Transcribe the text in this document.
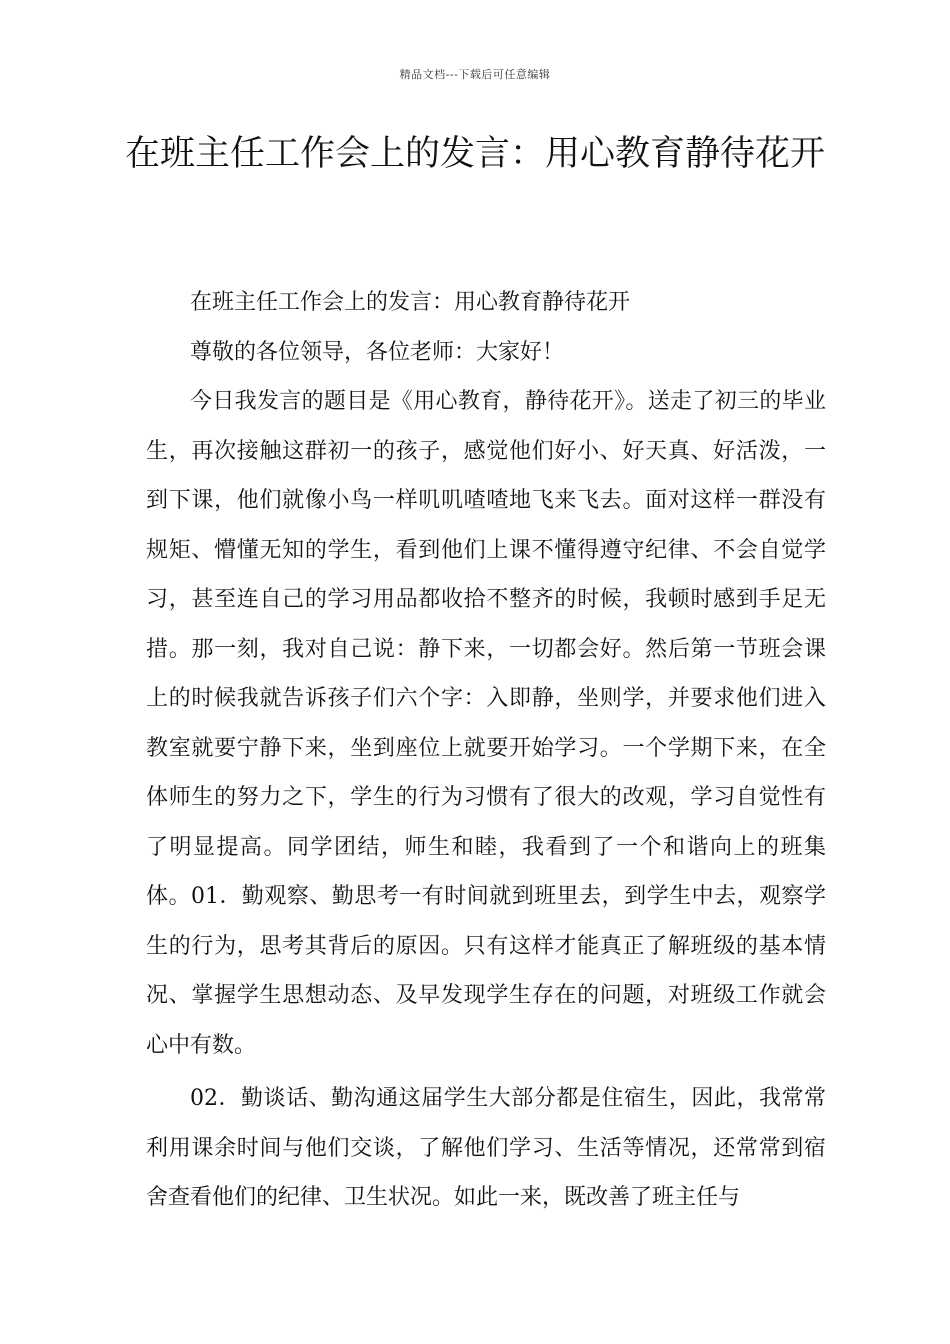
精品文档---下载后可任意编辑
在班主任工作会上的发言：用心教育静待花开

在班主任工作会上的发言：用心教育静待花开

尊敬的各位领导，各位老师：大家好！

今日我发言的题目是《用心教育，静待花开》。送走了初三的毕业生，再次接触这群初一的孩子，感觉他们好小、好天真、好活泼，一到下课，他们就像小鸟一样叽叽喳喳地飞来飞去。面对这样一群没有规矩、懵懂无知的学生，看到他们上课不懂得遵守纪律、不会自觉学习，甚至连自己的学习用品都收拾不整齐的时候，我顿时感到手足无措。那一刻，我对自己说：静下来，一切都会好。然后第一节班会课上的时候我就告诉孩子们六个字：入即静，坐则学，并要求他们进入教室就要宁静下来，坐到座位上就要开始学习。一个学期下来，在全体师生的努力之下，学生的行为习惯有了很大的改观，学习自觉性有了明显提高。同学团结，师生和睦，我看到了一个和谐向上的班集体。01．勤观察、勤思考一有时间就到班里去，到学生中去，观察学生的行为，思考其背后的原因。只有这样才能真正了解班级的基本情况、掌握学生思想动态、及早发现学生存在的问题，对班级工作就会心中有数。

02．勤谈话、勤沟通这届学生大部分都是住宿生，因此，我常常利用课余时间与他们交谈，了解他们学习、生活等情况，还常常到宿舍查看他们的纪律、卫生状况。如此一来，既改善了班主任与
